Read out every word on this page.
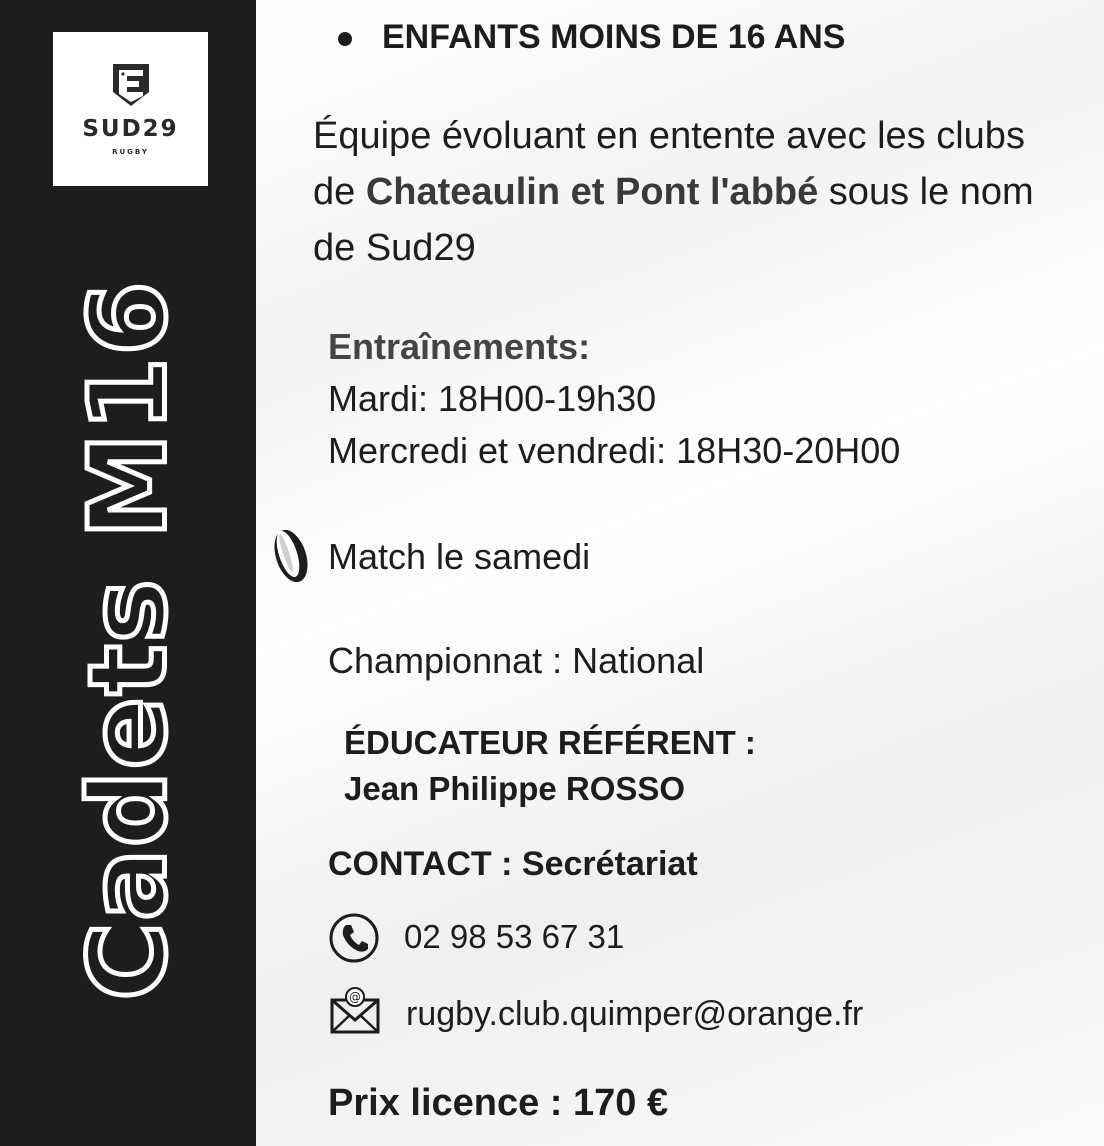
SUD29
RUGBY
Cadets M16
ENFANTS MOINS DE 16 ANS
Équipe évoluant en entente avec les clubs de Chateaulin et Pont l'abbé sous le nom de Sud29
Entraînements:
Mardi: 18H00-19h30
Mercredi et vendredi: 18H30-20H00
Match le samedi
Championnat : National
ÉDUCATEUR RÉFÉRENT :
Jean Philippe ROSSO
CONTACT : Secrétariat
02 98 53 67 31
@ rugby.club.quimper@orange.fr
Prix licence : 170 €
